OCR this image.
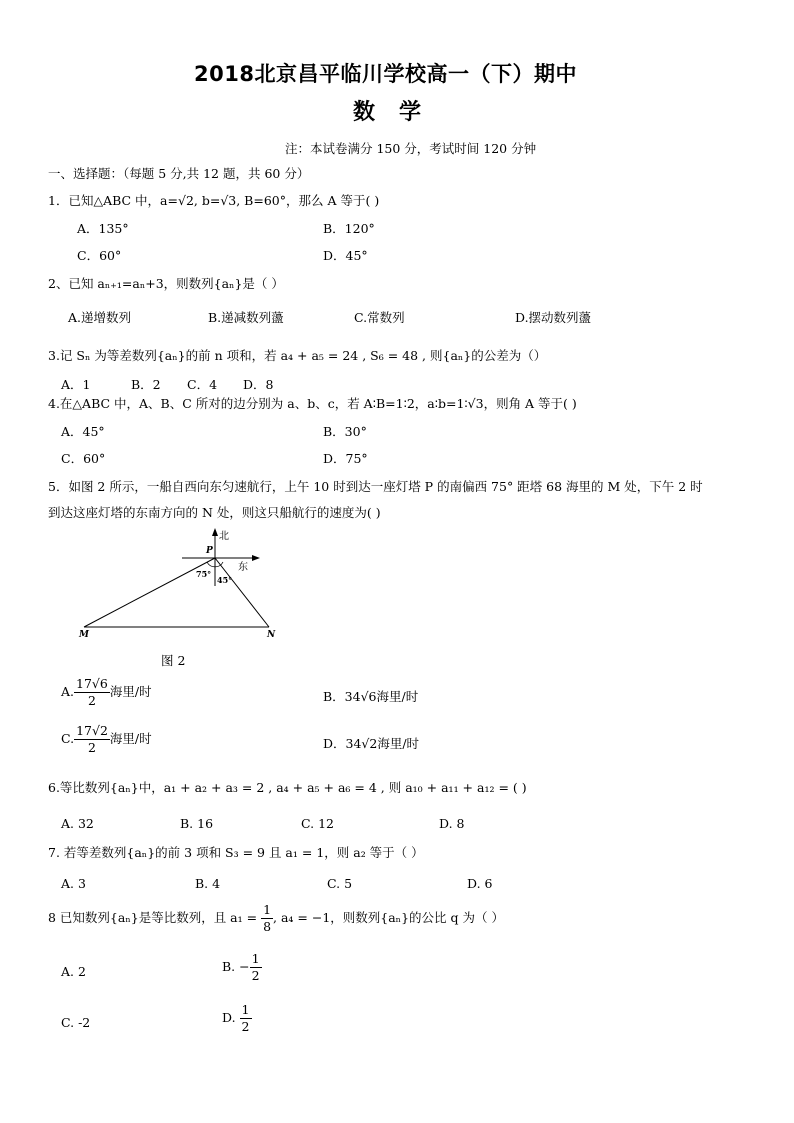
2018北京昌平临川学校高一（下）期中
数学
注：本试卷满分 150 分，考试时间 120 分钟
一、选择题：（每题 5 分,共 12 题，共 60 分）
1．已知△ABC 中，a=√2, b=√3, B=60°，那么 A 等于( )
A．135°	B．120°
C．60°	D．45°
2、已知 aₙ₊₁=aₙ+3，则数列{aₙ}是（ ）
A.递增数列	B.递减数列蘯	C.常数列	D.摆动数列蘯
3.记 Sₙ 为等差数列{aₙ}的前 n 项和，若 a₄ + a₅ = 24 , S₆ = 48 , 则{aₙ}的公差为（）
A．1	B．2 C．4 D．8
4.在△ABC 中，A、B、C 所对的边分别为 a、b、c，若 A∶B=1∶2，a∶b=1∶√3，则角 A 等于( )
A．45°	B．30°
C．60°	D．75°
5．如图 2 所示，一船自西向东匀速航行，上午 10 时到达一座灯塔 P 的南偏西 75° 距塔 68 海里的 M 处，下午 2 时
到达这座灯塔的东南方向的 N 处，则这只船航行的速度为( )
北
P
东
75°
45°
M	N
图 2
A. $\frac{17√6}{2}$ 海里/时	B．34√6海里/时
C. $\frac{17√2}{2}$ 海里/时	D．34√2海里/时
6.等比数列{aₙ}中，a₁ + a₂ + a₃ = 2 , a₄ + a₅ + a₆ = 4 , 则 a₁₀ + a₁₁ + a₁₂ = ( )
A. 32	B. 16	C. 12	D. 8
7. 若等差数列{aₙ}的前 3 项和 S₃ = 9 且 a₁ = 1，则 a₂ 等于（ ）
A. 3	B. 4	C. 5	D. 6
8 已知数列{aₙ}是等比数列，且 $a_1 = \frac{1}{8}$ , a₄ = −1，则数列{aₙ}的公比 q 为（ ）
A. 2	B. − $\frac{1}{2}$
C. -2	D. $\frac{1}{2}$
